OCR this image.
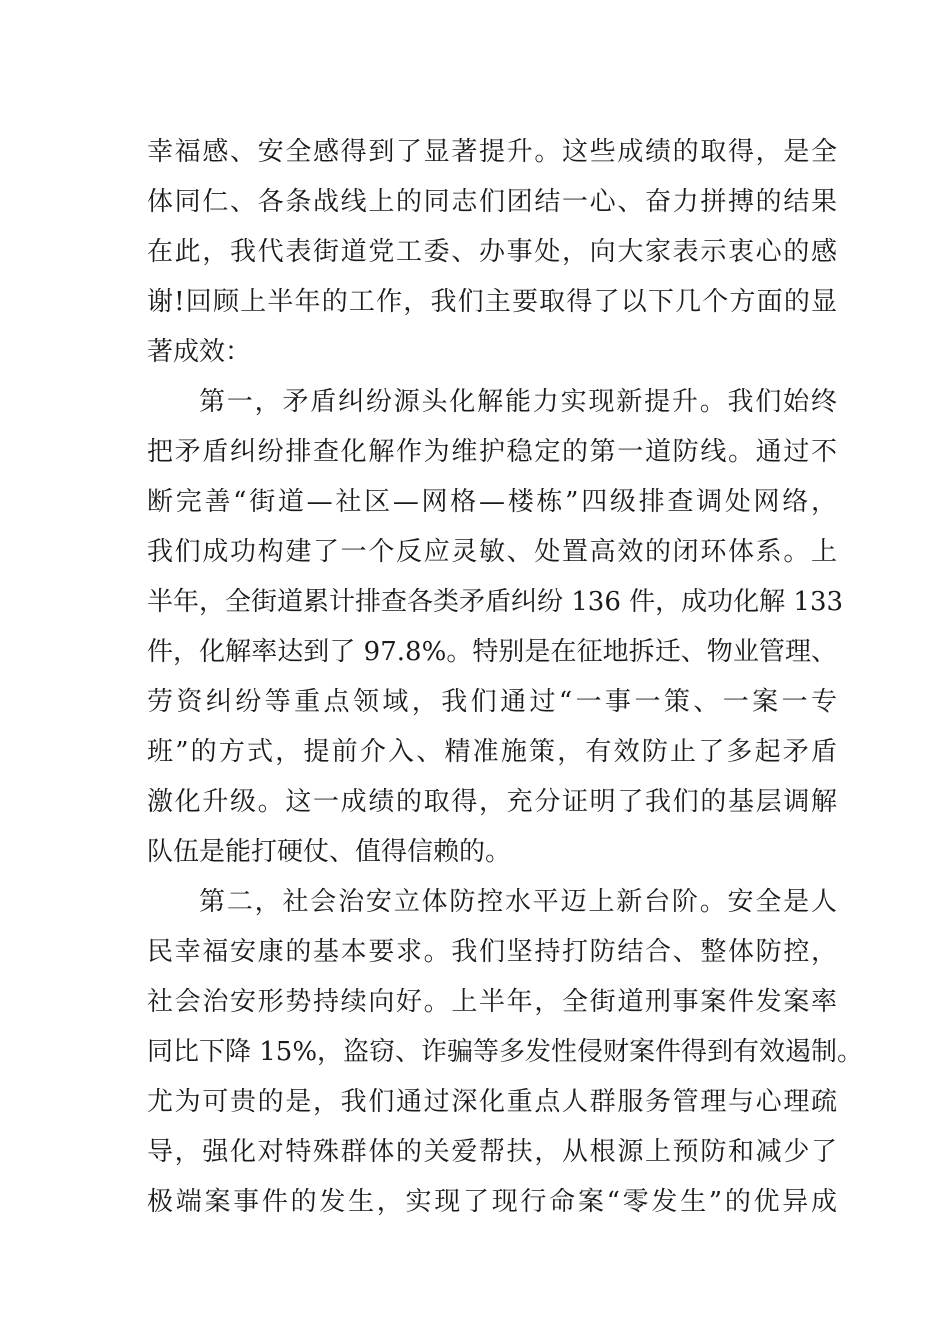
幸福感、安全感得到了显著提升。这些成绩的取得，是全
体同仁、各条战线上的同志们团结一心、奋力拼搏的结果
在此，我代表街道党工委、办事处，向大家表示衷心的感
谢!回顾上半年的工作，我们主要取得了以下几个方面的显
著成效：
第一，矛盾纠纷源头化解能力实现新提升。我们始终
把矛盾纠纷排查化解作为维护稳定的第一道防线。通过不
断完善“街道—社区—网格—楼栋”四级排查调处网络，
我们成功构建了一个反应灵敏、处置高效的闭环体系。上
半年，全街道累计排查各类矛盾纠纷 136 件，成功化解 133
件，化解率达到了 97.8%。特别是在征地拆迁、物业管理、
劳资纠纷等重点领域，我们通过“一事一策、一案一专
班”的方式，提前介入、精准施策，有效防止了多起矛盾
激化升级。这一成绩的取得，充分证明了我们的基层调解
队伍是能打硬仗、值得信赖的。
第二，社会治安立体防控水平迈上新台阶。安全是人
民幸福安康的基本要求。我们坚持打防结合、整体防控，
社会治安形势持续向好。上半年，全街道刑事案件发案率
同比下降 15%，盗窃、诈骗等多发性侵财案件得到有效遏制。
尤为可贵的是，我们通过深化重点人群服务管理与心理疏
导，强化对特殊群体的关爱帮扶，从根源上预防和减少了
极端案事件的发生，实现了现行命案“零发生”的优异成
